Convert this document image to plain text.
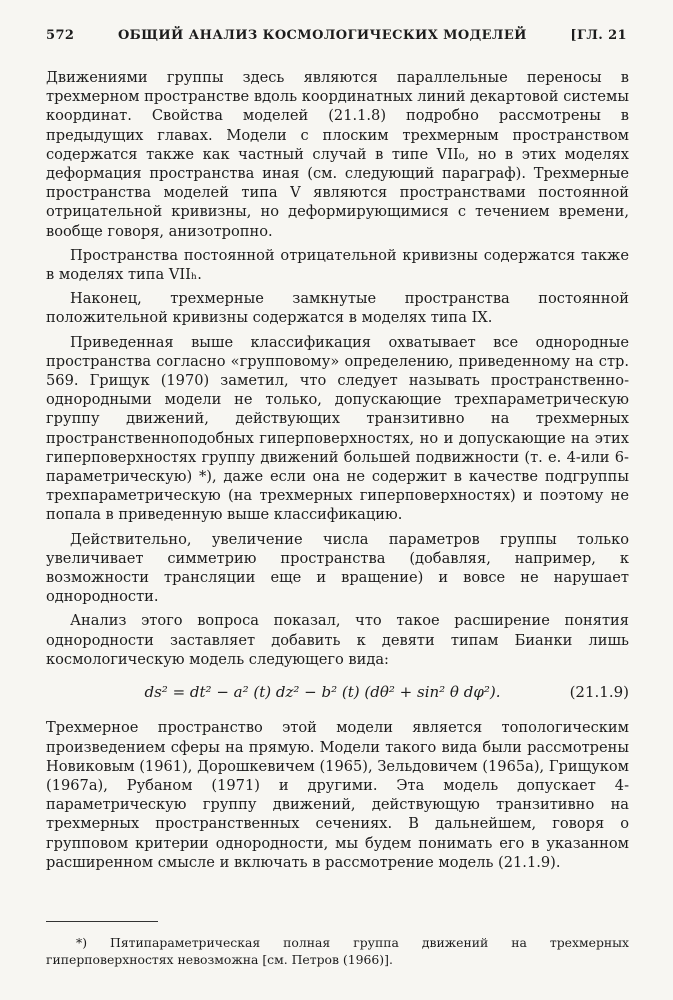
572	ОБЩИЙ АНАЛИЗ КОСМОЛОГИЧЕСКИХ МОДЕЛЕЙ	[ГЛ. 21

Движениями группы здесь являются параллельные переносы в трехмерном пространстве вдоль координатных линий декартовой системы координат. Свойства моделей (21.1.8) подробно рассмотрены в предыдущих главах. Модели с плоским трехмерным пространством содержатся также как частный случай в типе VII₀, но в этих моделях деформация пространства иная (см. следующий параграф). Трехмерные пространства моделей типа V являются пространствами постоянной отрицательной кривизны, но деформирующимися с течением времени, вообще говоря, анизотропно.

Пространства постоянной отрицательной кривизны содержатся также в моделях типа VIIₕ.

Наконец, трехмерные замкнутые пространства постоянной положительной кривизны содержатся в моделях типа IX.

Приведенная выше классификация охватывает все однородные пространства согласно «групповому» определению, приведенному на стр. 569. Грищук (1970) заметил, что следует называть пространственно-однородными модели не только, допускающие трехпараметрическую группу движений, действующих транзитивно на трехмерных пространственноподобных гиперповерхностях, но и допускающие на этих гиперповерхностях группу движений большей подвижности (т. е. 4-или 6-параметрическую) *), даже если она не содержит в качестве подгруппы трехпараметрическую (на трехмерных гиперповерхностях) и поэтому не попала в приведенную выше классификацию.

Действительно, увеличение числа параметров группы только увеличивает симметрию пространства (добавляя, например, к возможности трансляции еще и вращение) и вовсе не нарушает однородности.

Анализ этого вопроса показал, что такое расширение понятия однородности заставляет добавить к девяти типам Бианки лишь космологическую модель следующего вида:

ds² = dt² − a² (t) dz² − b² (t) (dθ² + sin² θ dφ²).	(21.1.9)

Трехмерное пространство этой модели является топологическим произведением сферы на прямую. Модели такого вида были рассмотрены Новиковым (1961), Дорошкевичем (1965), Зельдовичем (1965а), Грищуком (1967а), Рубаном (1971) и другими. Эта модель допускает 4-параметрическую группу движений, действующую транзитивно на трехмерных пространственных сечениях. В дальнейшем, говоря о групповом критерии однородности, мы будем понимать его в указанном расширенном смысле и включать в рассмотрение модель (21.1.9).

*) Пятипараметрическая полная группа движений на трехмерных гиперповерхностях невозможна [см. Петров (1966)].
